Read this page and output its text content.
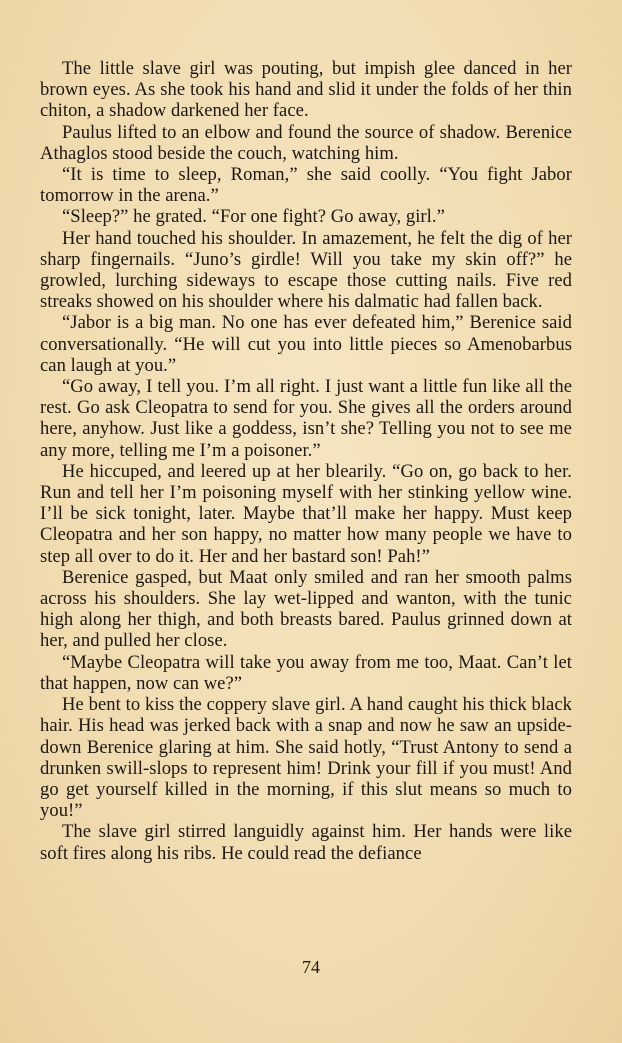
The little slave girl was pouting, but impish glee danced in her brown eyes. As she took his hand and slid it under the folds of her thin chiton, a shadow darkened her face.

Paulus lifted to an elbow and found the source of shadow. Berenice Athaglos stood beside the couch, watching him.

“It is time to sleep, Roman,” she said coolly. “You fight Jabor tomorrow in the arena.”

“Sleep?” he grated. “For one fight? Go away, girl.”

Her hand touched his shoulder. In amazement, he felt the dig of her sharp fingernails. “Juno’s girdle! Will you take my skin off?” he growled, lurching sideways to escape those cutting nails. Five red streaks showed on his shoulder where his dalmatic had fallen back.

“Jabor is a big man. No one has ever defeated him,” Berenice said conversationally. “He will cut you into little pieces so Amenobarbus can laugh at you.”

“Go away, I tell you. I’m all right. I just want a little fun like all the rest. Go ask Cleopatra to send for you. She gives all the orders around here, anyhow. Just like a goddess, isn’t she? Telling you not to see me any more, telling me I’m a poisoner.”

He hiccuped, and leered up at her blearily. “Go on, go back to her. Run and tell her I’m poisoning myself with her stinking yellow wine. I’ll be sick tonight, later. Maybe that’ll make her happy. Must keep Cleopatra and her son happy, no matter how many people we have to step all over to do it. Her and her bastard son! Pah!”

Berenice gasped, but Maat only smiled and ran her smooth palms across his shoulders. She lay wet-lipped and wanton, with the tunic high along her thigh, and both breasts bared. Paulus grinned down at her, and pulled her close.

“Maybe Cleopatra will take you away from me too, Maat. Can’t let that happen, now can we?”

He bent to kiss the coppery slave girl. A hand caught his thick black hair. His head was jerked back with a snap and now he saw an upside-down Berenice glaring at him. She said hotly, “Trust Antony to send a drunken swill-slops to represent him! Drink your fill if you must! And go get yourself killed in the morning, if this slut means so much to you!”

The slave girl stirred languidly against him. Her hands were like soft fires along his ribs. He could read the defiance

74
